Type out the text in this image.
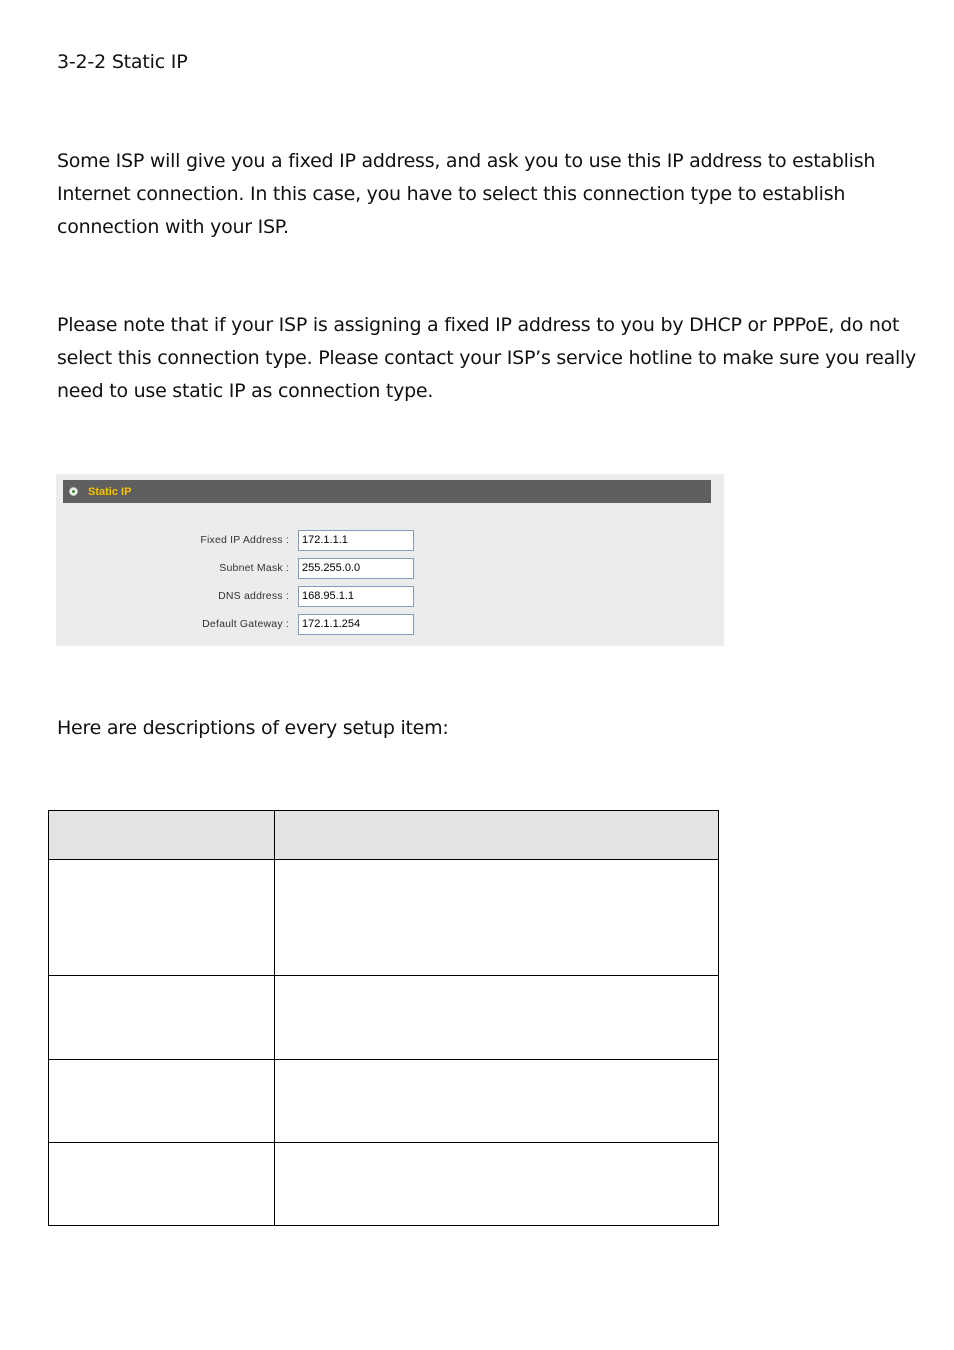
3-2-2 Static IP

Some ISP will give you a fixed IP address, and ask you to use this IP address to establish Internet connection. In this case, you have to select this connection type to establish connection with your ISP.

Please note that if your ISP is assigning a fixed IP address to you by DHCP or PPPoE, do not select this connection type. Please contact your ISP’s service hotline to make sure you really need to use static IP as connection type.

Static IP
Fixed IP Address :	172.1.1.1
Subnet Mask :	255.255.0.0
DNS address :	168.95.1.1
Default Gateway :	172.1.1.254

Here are descriptions of every setup item:
